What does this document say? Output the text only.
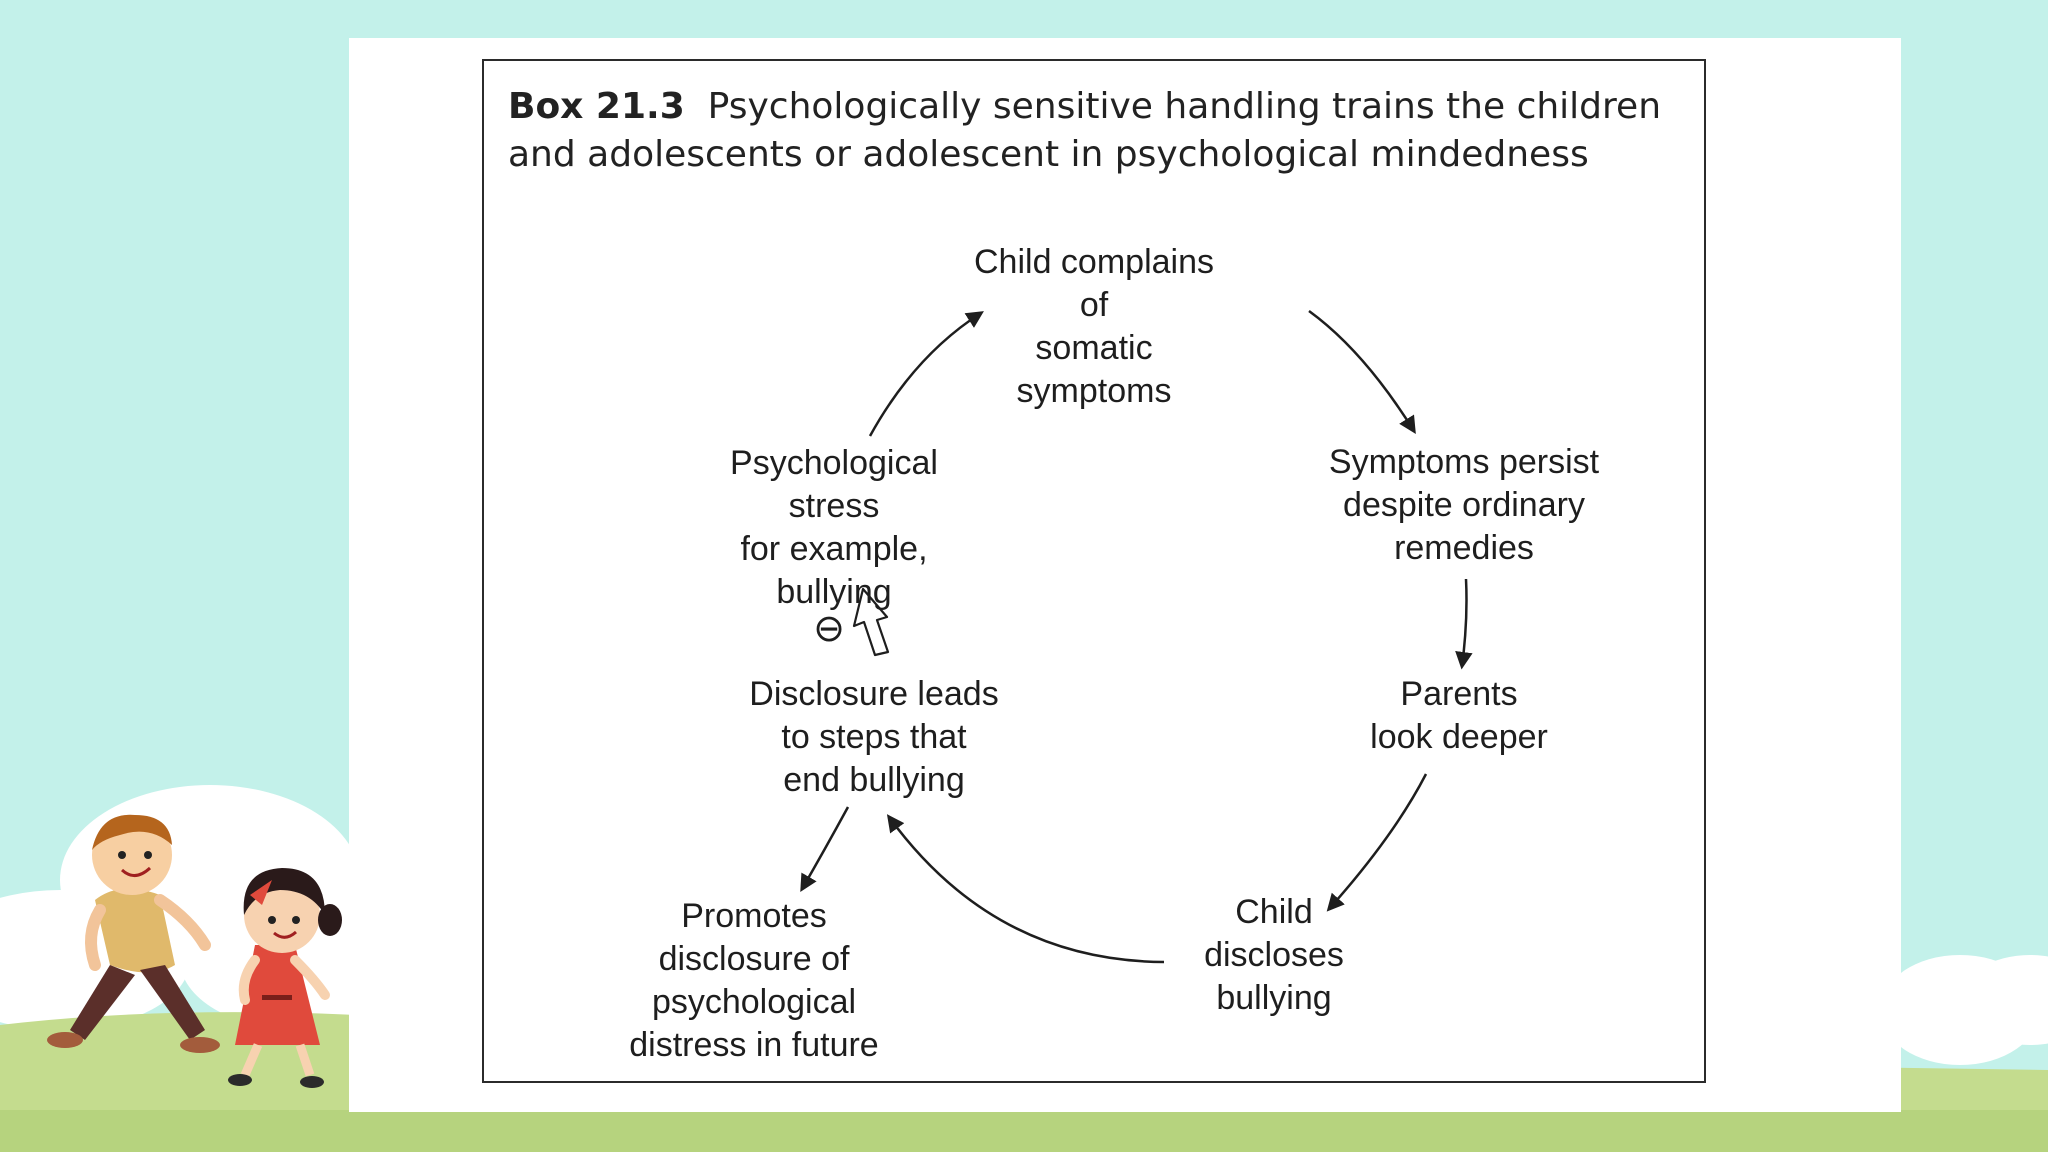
Box 21.3 Psychologically sensitive handling trains the children and adolescents or adolescent in psychological mindedness
Child complains of
somatic symptoms
Symptoms persist
despite ordinary
remedies
Parents
look deeper
Child
discloses
bullying
Disclosure leads
to steps that
end bullying
Psychological
stress
for example, bullying
Promotes
disclosure of
psychological
distress in future
⊖
